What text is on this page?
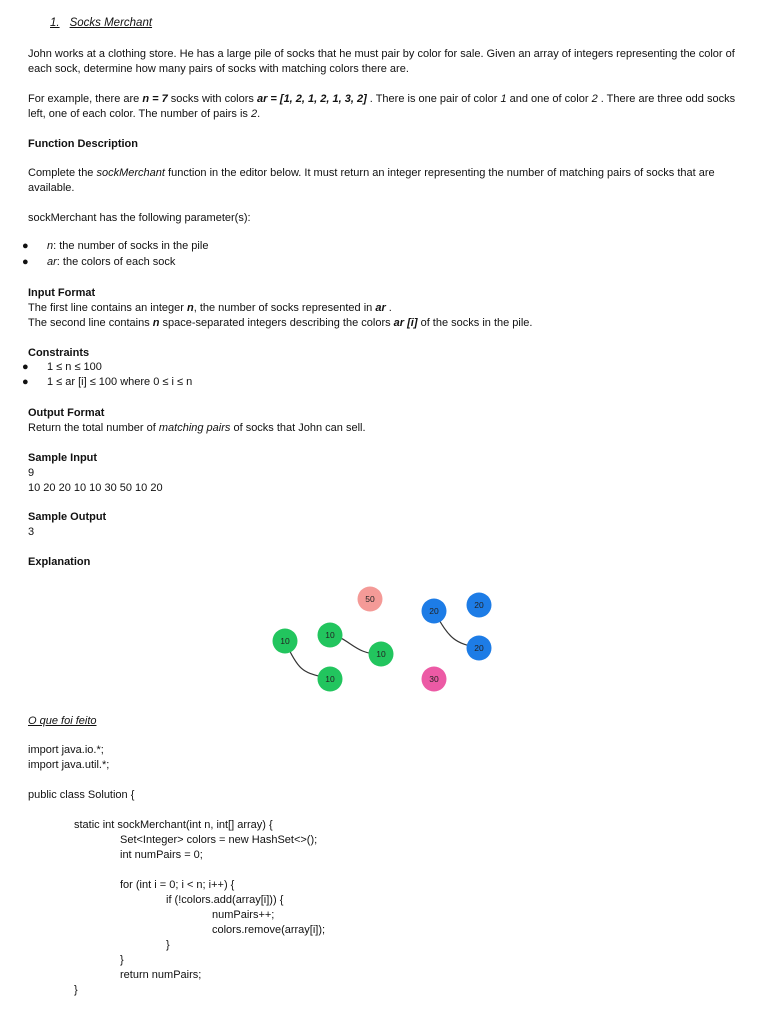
1. Socks Merchant

John works at a clothing store. He has a large pile of socks that he must pair by color for sale. Given an array of integers representing the color of each sock, determine how many pairs of socks with matching colors there are.

For example, there are n = 7 socks with colors ar = [1, 2, 1, 2, 1, 3, 2] . There is one pair of color 1 and one of color 2 . There are three odd socks left, one of each color. The number of pairs is 2.

Function Description

Complete the sockMerchant function in the editor below. It must return an integer representing the number of matching pairs of socks that are available.

sockMerchant has the following parameter(s):

● n: the number of socks in the pile
● ar: the colors of each sock

Input Format

The first line contains an integer n, the number of socks represented in ar .

The second line contains n space-separated integers describing the colors ar [i] of the socks in the pile.

Constraints

● 1 ≤ n ≤ 100
● 1 ≤ ar [i] ≤ 100 where 0 ≤ i ≤ n

Output Format

Return the total number of matching pairs of socks that John can sell.

Sample Input

9

10 20 20 10 10 30 50 10 20

Sample Output

3

Explanation

O que foi feito

10
10
10
10
20
20
20
50
30
import java.io.*;
import java.util.*;
public class Solution {
static int sockMerchant(int n, int[] array) {
Set<Integer> colors = new HashSet<>();
int numPairs = 0;
for (int i = 0; i < n; i++) {
if (!colors.add(array[i])) {
numPairs++;
colors.remove(array[i]);
}
}
return numPairs;
}
